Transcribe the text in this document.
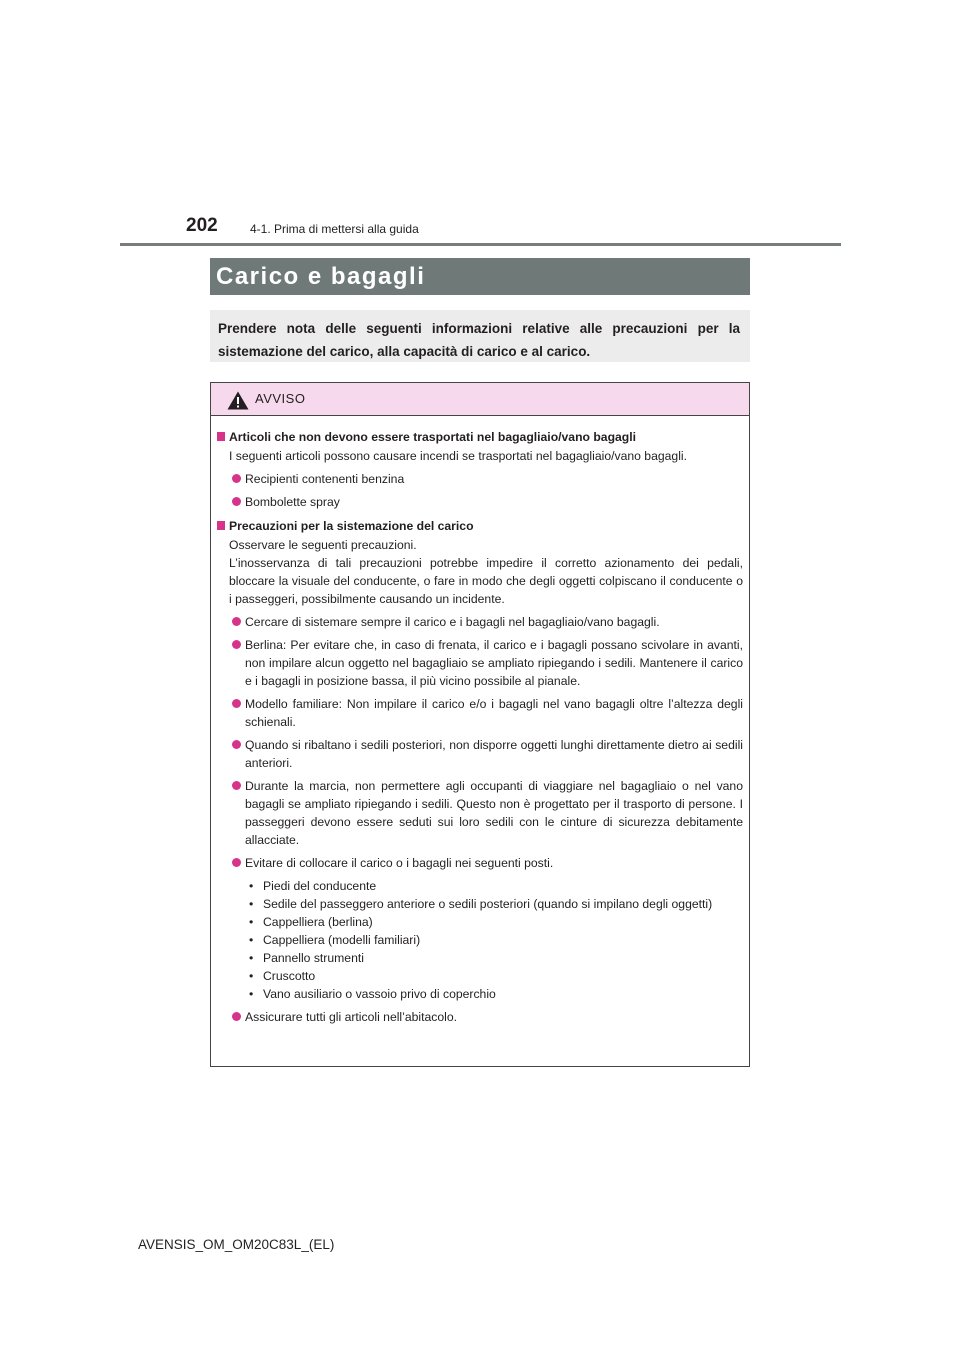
202	4-1. Prima di mettersi alla guida
Carico e bagagli
Prendere nota delle seguenti informazioni relative alle precauzioni per la sistemazione del carico, alla capacità di carico e al carico.
AVVISO
Articoli che non devono essere trasportati nel bagagliaio/vano bagagli
I seguenti articoli possono causare incendi se trasportati nel bagagliaio/vano bagagli.
Recipienti contenenti benzina
Bombolette spray
Precauzioni per la sistemazione del carico
Osservare le seguenti precauzioni.
L’inosservanza di tali precauzioni potrebbe impedire il corretto azionamento dei pedali, bloccare la visuale del conducente, o fare in modo che degli oggetti colpiscano il conducente o i passeggeri, possibilmente causando un incidente.
Cercare di sistemare sempre il carico e i bagagli nel bagagliaio/vano bagagli.
Berlina: Per evitare che, in caso di frenata, il carico e i bagagli possano scivolare in avanti, non impilare alcun oggetto nel bagagliaio se ampliato ripiegando i sedili. Mantenere il carico e i bagagli in posizione bassa, il più vicino possibile al pianale.
Modello familiare: Non impilare il carico e/o i bagagli nel vano bagagli oltre l’altezza degli schienali.
Quando si ribaltano i sedili posteriori, non disporre oggetti lunghi direttamente dietro ai sedili anteriori.
Durante la marcia, non permettere agli occupanti di viaggiare nel bagagliaio o nel vano bagagli se ampliato ripiegando i sedili. Questo non è progettato per il trasporto di persone. I passeggeri devono essere seduti sui loro sedili con le cinture di sicurezza debitamente allacciate.
Evitare di collocare il carico o i bagagli nei seguenti posti.
• Piedi del conducente
• Sedile del passeggero anteriore o sedili posteriori (quando si impilano degli oggetti)
• Cappelliera (berlina)
• Cappelliera (modelli familiari)
• Pannello strumenti
• Cruscotto
• Vano ausiliario o vassoio privo di coperchio
Assicurare tutti gli articoli nell’abitacolo.
AVENSIS_OM_OM20C83L_(EL)
